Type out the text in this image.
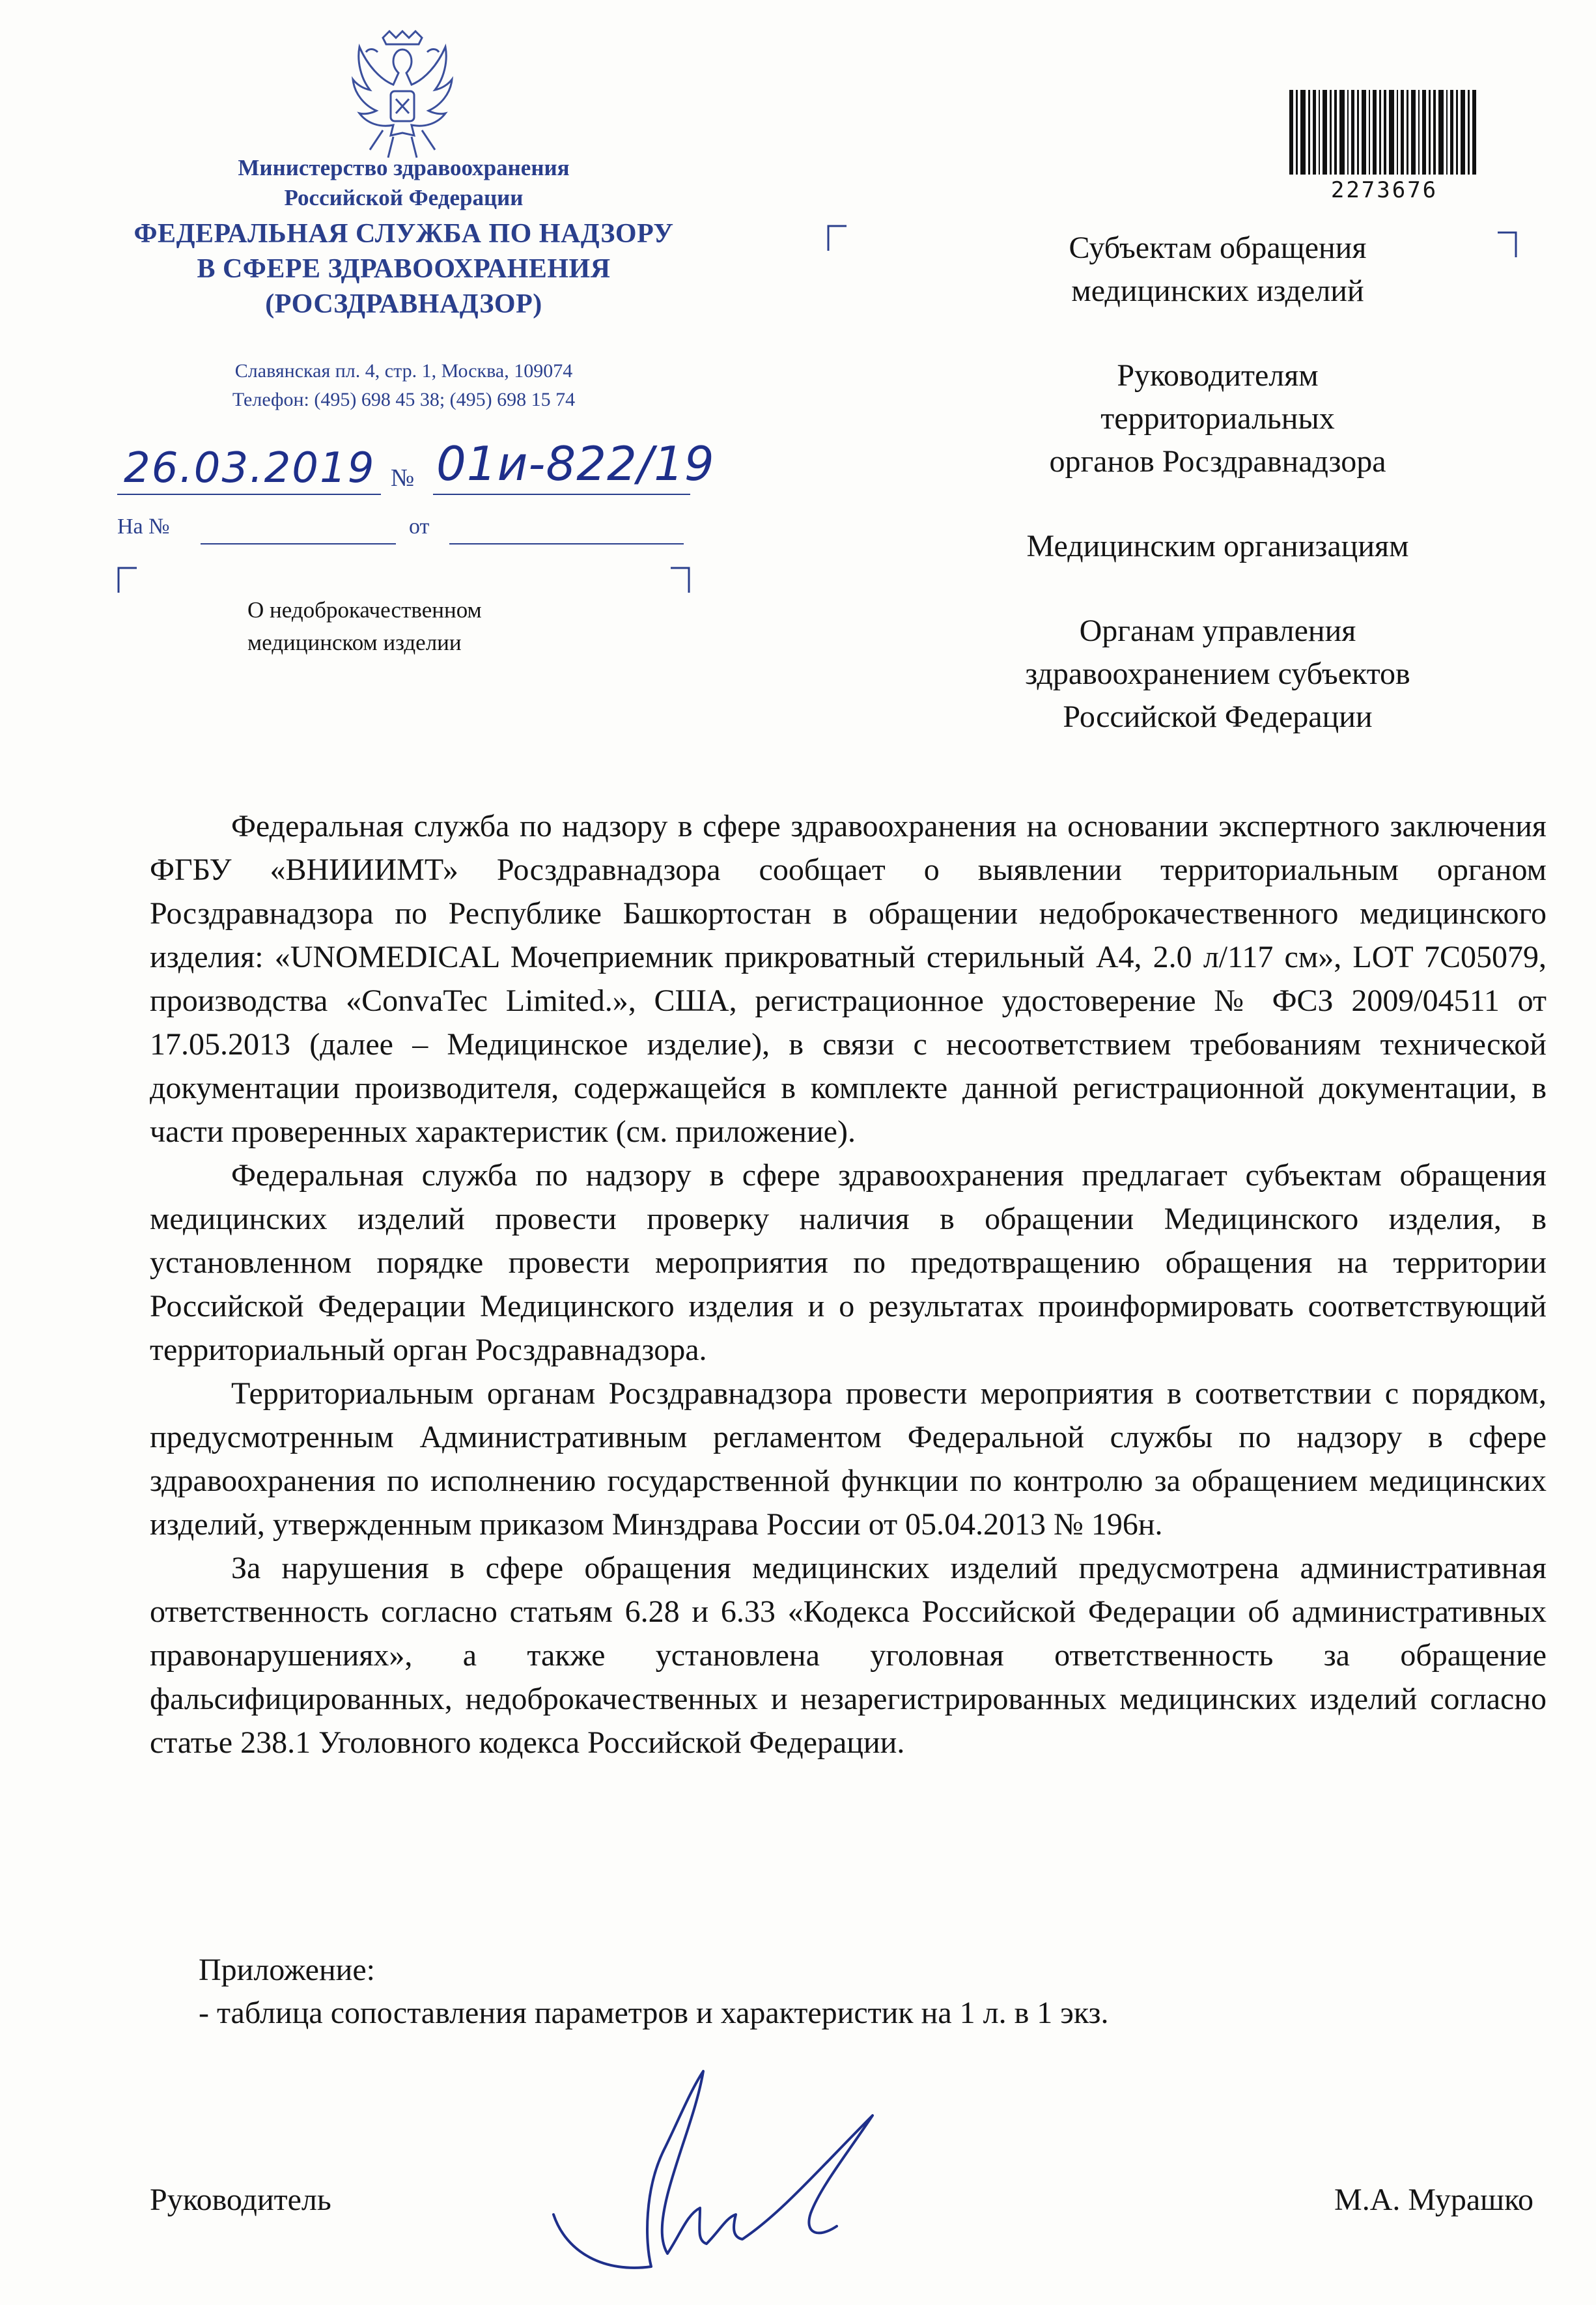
Министерство здравоохранения
Российской Федерации
ФЕДЕРАЛЬНАЯ СЛУЖБА ПО НАДЗОРУ
В СФЕРЕ ЗДРАВООХРАНЕНИЯ
(РОСЗДРАВНАДЗОР)
Славянская пл. 4, стр. 1, Москва, 109074
Телефон: (495) 698 45 38; (495) 698 15 74
26.03.2019 № 01и-822/19
На №	от
О недоброкачественном
медицинском изделии
2273676
Субъектам обращения
медицинских изделий
Руководителям
территориальных
органов Росздравнадзора
Медицинским организациям
Органам управления
здравоохранением субъектов
Российской Федерации

Федеральная служба по надзору в сфере здравоохранения на основании экспертного заключения ФГБУ «ВНИИИМТ» Росздравнадзора сообщает о выявлении территориальным органом Росздравнадзора по Республике Башкортостан в обращении недоброкачественного медицинского изделия: «UNOMEDICAL Мочеприемник прикроватный стерильный А4, 2.0 л/117 см», LOT 7С05079, производства «ConvaTec Limited.», США, регистрационное удостоверение № ФСЗ 2009/04511 от 17.05.2013 (далее – Медицинское изделие), в связи с несоответствием требованиям технической документации производителя, содержащейся в комплекте данной регистрационной документации, в части проверенных характеристик (см. приложение).

Федеральная служба по надзору в сфере здравоохранения предлагает субъектам обращения медицинских изделий провести проверку наличия в обращении Медицинского изделия, в установленном порядке провести мероприятия по предотвращению обращения на территории Российской Федерации Медицинского изделия и о результатах проинформировать соответствующий территориальный орган Росздравнадзора.

Территориальным органам Росздравнадзора провести мероприятия в соответствии с порядком, предусмотренным Административным регламентом Федеральной службы по надзору в сфере здравоохранения по исполнению государственной функции по контролю за обращением медицинских изделий, утвержденным приказом Минздрава России от 05.04.2013 № 196н.

За нарушения в сфере обращения медицинских изделий предусмотрена административная ответственность согласно статьям 6.28 и 6.33 «Кодекса Российской Федерации об административных правонарушениях», а также установлена уголовная ответственность за обращение фальсифицированных, недоброкачественных и незарегистрированных медицинских изделий согласно статье 238.1 Уголовного кодекса Российской Федерации.

Приложение:
- таблица сопоставления параметров и характеристик на 1 л. в 1 экз.
Руководитель	М.А. Мурашко
